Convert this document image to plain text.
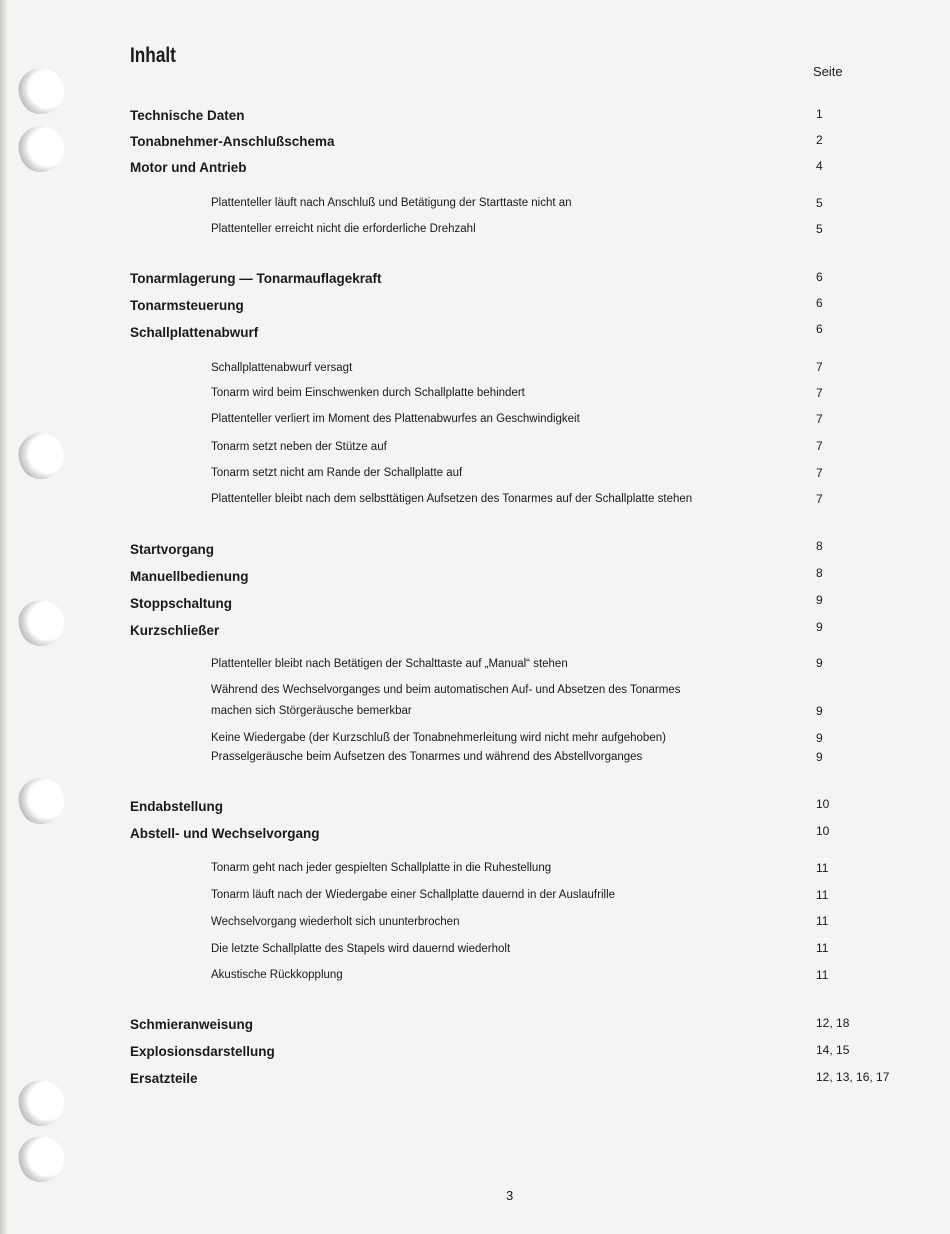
Inhalt
Seite
Technische Daten	1
Tonabnehmer-Anschlußschema	2
Motor und Antrieb	4
Plattenteller läuft nach Anschluß und Betätigung der Starttaste nicht an	5
Plattenteller erreicht nicht die erforderliche Drehzahl	5
Tonarmlagerung — Tonarmauflagekraft	6
Tonarmsteuerung	6
Schallplattenabwurf	6
Schallplattenabwurf versagt	7
Tonarm wird beim Einschwenken durch Schallplatte behindert	7
Plattenteller verliert im Moment des Plattenabwurfes an Geschwindigkeit	7
Tonarm setzt neben der Stütze auf	7
Tonarm setzt nicht am Rande der Schallplatte auf	7
Plattenteller bleibt nach dem selbsttätigen Aufsetzen des Tonarmes auf der Schallplatte stehen	7
Startvorgang	8
Manuellbedienung	8
Stoppschaltung	9
Kurzschließer	9
Plattenteller bleibt nach Betätigen der Schalttaste auf „Manual“ stehen	9
Während des Wechselvorganges und beim automatischen Auf- und Absetzen des Tonarmes
machen sich Störgeräusche bemerkbar	9
Keine Wiedergabe (der Kurzschluß der Tonabnehmerleitung wird nicht mehr aufgehoben)	9
Prasselgeräusche beim Aufsetzen des Tonarmes und während des Abstellvorganges	9
Endabstellung	10
Abstell- und Wechselvorgang	10
Tonarm geht nach jeder gespielten Schallplatte in die Ruhestellung	11
Tonarm läuft nach der Wiedergabe einer Schallplatte dauernd in der Auslaufrille	11
Wechselvorgang wiederholt sich ununterbrochen	11
Die letzte Schallplatte des Stapels wird dauernd wiederholt	11
Akustische Rückkopplung	11
Schmieranweisung	12, 18
Explosionsdarstellung	14, 15
Ersatzteile	12, 13, 16, 17
3
